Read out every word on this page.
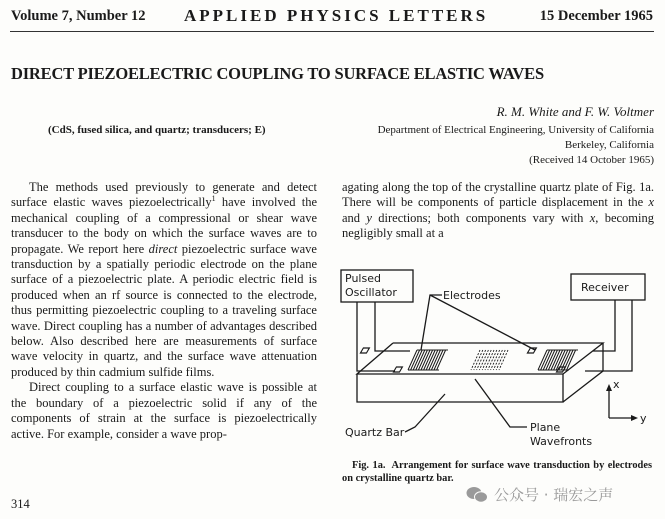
Volume 7, Number 12 APPLIED PHYSICS LETTERS	15 December 1965
DIRECT PIEZOELECTRIC COUPLING TO SURFACE ELASTIC WAVES
R. M. White and F. W. Voltmer
(CdS, fused silica, and quartz; transducers; E)	Department of Electrical Engineering, University of California
Berkeley, California
(Received 14 October 1965)

The methods used previously to generate and detect surface elastic waves piezoelectrically$^1$ have involved the mechanical coupling of a compressional or shear wave transducer to the body on which the surface waves are to propagate. We report here direct piezoelectric surface wave transduction by a spatially periodic electrode on the plane surface of a piezoelectric plate. A periodic electric field is produced when an rf source is connected to the electrode, thus permitting piezoelectric coupling to a traveling surface wave. Direct coupling has a number of advantages described below. Also described here are measurements of surface wave velocity in quartz, and the surface wave attenuation produced by thin cadmium sulfide films.

Direct coupling to a surface elastic wave is possible at the boundary of a piezoelectric solid if any of the components of strain at the surface is piezoelectrically active. For example, consider a wave prop-

agating along the top of the crystalline quartz plate of Fig. 1a. There will be components of particle displacement in the x and y directions; both components vary with x, becoming negligibly small at a

Pulsed
Oscillator	Receiver
Electrodes
Quartz Bar	Plane
Wavefronts
x
y
Fig. 1a. Arrangement for surface wave transduction by electrodes on crystalline quartz bar.
314	公众号 · 瑞宏之声
